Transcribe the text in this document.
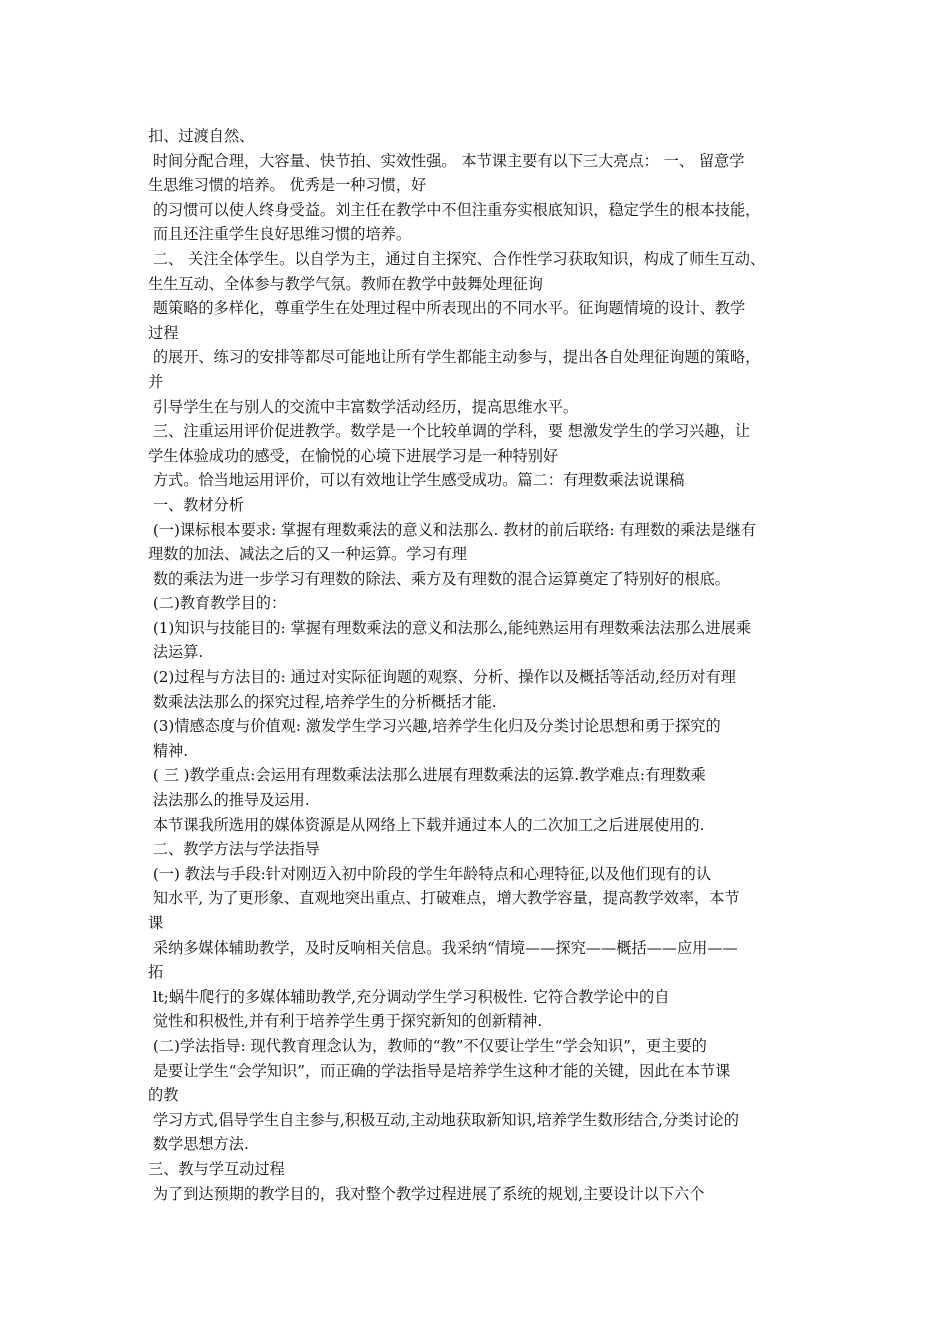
扣、过渡自然、
时间分配合理，大容量、快节拍、实效性强。 本节课主要有以下三大亮点： 一、 留意学
生思维习惯的培养。 优秀是一种习惯，好
的习惯可以使人终身受益。刘主任在教学中不但注重夯实根底知识，稳定学生的根本技能，
而且还注重学生良好思维习惯的培养。
二、 关注全体学生。以自学为主，通过自主探究、合作性学习获取知识，构成了师生互动、
生生互动、全体参与教学气氛。教师在教学中鼓舞处理征询
题策略的多样化，尊重学生在处理过程中所表现出的不同水平。征询题情境的设计、教学
过程
的展开、练习的安排等都尽可能地让所有学生都能主动参与，提出各自处理征询题的策略，
并
引导学生在与别人的交流中丰富数学活动经历，提高思维水平。
三、注重运用评价促进教学。数学是一个比较单调的学科，要 想激发学生的学习兴趣，让
学生体验成功的感受，在愉悦的心境下进展学习是一种特别好
方式。恰当地运用评价，可以有效地让学生感受成功。篇二：有理数乘法说课稿
一、教材分析
(一)课标根本要求: 掌握有理数乘法的意义和法那么. 教材的前后联络: 有理数的乘法是继有
理数的加法、减法之后的又一种运算。学习有理
数的乘法为进一步学习有理数的除法、乘方及有理数的混合运算奠定了特别好的根底。
(二)教育教学目的：
(1)知识与技能目的: 掌握有理数乘法的意义和法那么,能纯熟运用有理数乘法法那么进展乘
法运算.
(2)过程与方法目的: 通过对实际征询题的观察、分析、操作以及概括等活动,经历对有理
数乘法法那么的探究过程,培养学生的分析概括才能.
(3)情感态度与价值观: 激发学生学习兴趣,培养学生化归及分类讨论思想和勇于探究的
精神.
( 三 )教学重点:会运用有理数乘法法那么进展有理数乘法的运算.教学难点:有理数乘
法法那么的推导及运用.
本节课我所选用的媒体资源是从网络上下载并通过本人的二次加工之后进展使用的.
二、教学方法与学法指导
(一) 教法与手段:针对刚迈入初中阶段的学生年龄特点和心理特征,以及他们现有的认
知水平, 为了更形象、直观地突出重点、打破难点，增大教学容量，提高教学效率，本节
课
采纳多媒体辅助教学，及时反响相关信息。我采纳“情境——探究——概括——应用——
拓
lt;蜗牛爬行的多媒体辅助教学,充分调动学生学习积极性. 它符合教学论中的自
觉性和积极性,并有利于培养学生勇于探究新知的创新精神.
(二)学法指导: 现代教育理念认为，教师的“教”不仅要让学生“学会知识”，更主要的
是要让学生“会学知识”，而正确的学法指导是培养学生这种才能的关键，因此在本节课
的教
学习方式,倡导学生自主参与,积极互动,主动地获取新知识,培养学生数形结合,分类讨论的
数学思想方法.
三、教与学互动过程
为了到达预期的教学目的，我对整个教学过程进展了系统的规划,主要设计以下六个
